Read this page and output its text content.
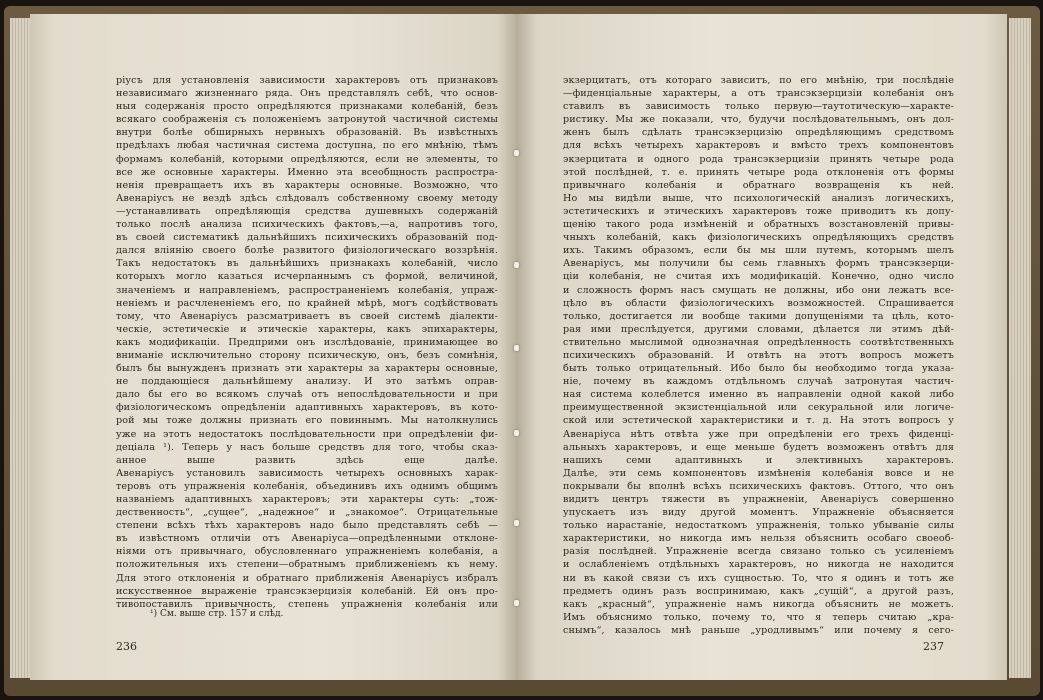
ріусъ для установленія зависимости характеровъ отъ признаковъ
независимаго жизненнаго ряда. Онъ представлялъ себѣ, что основ-
ныя содержанія просто опредѣляются признаками колебаній, безъ
всякаго соображенія съ положеніемъ затронутой частичной системы
внутри болѣе обширныхъ нервныхъ образованій. Въ извѣстныхъ
предѣлахъ любая частичная система доступна, по его мнѣнію, тѣмъ
формамъ колебаній, которыми опредѣляются, если не элементы, то
все же основные характеры. Именно эта всеобщность распростра-
ненія превращаетъ ихъ въ характеры основные. Возможно, что
Авенаріусъ не вездѣ здѣсь слѣдовалъ собственному своему методу
—устанавливать опредѣляющія средства душевныхъ содержаній
только послѣ анализа психическихъ фактовъ,—а, напротивъ того,
въ своей систематикѣ дальнѣйшихъ психическихъ образованій под-
дался вліянію своего болѣе развитого физіологическаго воззрѣнія.
Такъ недостатокъ въ дальнѣйшихъ признакахъ колебаній, число
которыхъ могло казаться исчерпаннымъ съ формой, величиной,
значеніемъ и направленіемъ, распространеніемъ колебанія, упраж-
неніемъ и расчлененіемъ его, по крайней мѣрѣ, могъ содѣйствовать
тому, что Авенаріусъ разсматриваетъ въ своей системѣ діалекти-
ческіе, эстетическіе и этическіе характеры, какъ эпихарактеры,
какъ модификаціи. Предприми онъ изслѣдованіе, принимающее во
вниманіе исключительно сторону психическую, онъ, безъ сомнѣнія,
былъ бы вынужденъ признать эти характеры за характеры основные,
не поддающіеся дальнѣйшему анализу. И это затѣмъ оправ-
дало бы его во всякомъ случаѣ отъ непослѣдовательности и при
физіологическомъ опредѣленіи адаптивныхъ характеровъ, въ кото-
рой мы тоже должны признать его повиннымъ. Мы натолкнулись
уже на этотъ недостатокъ послѣдовательности при опредѣленіи фи-
деціала ¹). Теперь у насъ больше средствъ для того, чтобы сказ-
анное выше развить здѣсь еще далѣе.
Авенаріусъ установилъ зависимость четырехъ основныхъ харак-
теровъ отъ упражненія колебанія, объединивъ ихъ однимъ общимъ
названіемъ адаптивныхъ характеровъ; эти характеры суть: „тож-
дественность“, „сущее“, „надежное“ и „знакомое“. Отрицательные
степени всѣхъ тѣхъ характеровъ надо было представлять себѣ —
въ извѣстномъ отличіи отъ Авенаріуса—опредѣленными отклоне-
ніями отъ привычнаго, обусловленнаго упражненіемъ колебанія, а
положительныя ихъ степени—обратнымъ приближеніемъ къ нему.
Для этого отклоненія и обратнаго приближенія Авенаріусъ избралъ
искусственное выраженіе трансэкзерцизія колебаній. Ей онъ про-
тивопоставилъ привычность, степень упражненія колебанія или
¹) См. выше стр. 157 и слѣд.
236
экзерцитатъ, отъ котораго зависитъ, по его мнѣнію, три послѣдніе
—фиденціальные характеры, а отъ трансэкзерцизіи колебанія онъ
ставилъ въ зависимость только первую—таутотическую—характе-
ристику. Мы же показали, что, будучи послѣдовательнымъ, онъ дол-
женъ былъ сдѣлать трансэкзерцизію опредѣляющимъ средствомъ
для всѣхъ четырехъ характеровъ и вмѣсто трехъ компонентовъ
экзерцитата и одного рода трансэкзерцизіи принять четыре рода
этой послѣдней, т. е. принять четыре рода отклоненія отъ формы
привычнаго колебанія и обратнаго возвращенія къ ней.
Но мы видѣли выше, что психологическій анализъ логическихъ,
эстетическихъ и этическихъ характеровъ тоже приводитъ къ допу-
щенію такого рода измѣненій и обратныхъ возстановленій привы-
чныхъ колебаній, какъ физіологическихъ опредѣляющихъ средствъ
ихъ. Такимъ образомъ, если бы мы шли путемъ, которымъ шелъ
Авенаріусъ, мы получили бы семь главныхъ формъ трансэкзерци-
ціи колебанія, не считая ихъ модификацій. Конечно, одно число
и сложность формъ насъ смущать не должны, ибо они лежатъ все-
цѣло въ области физіологическихъ возможностей. Спрашивается
только, достигается ли вообще такими допущеніями та цѣль, кото-
рая ими преслѣдуется, другими словами, дѣлается ли этимъ дѣй-
ствительно мыслимой однозначная опредѣленность соотвѣтственныхъ
психическихъ образованій. И отвѣтъ на этотъ вопросъ можетъ
быть только отрицательный. Ибо было бы необходимо тогда указа-
ніе, почему въ каждомъ отдѣльномъ случаѣ затронутая частич-
ная система колеблется именно въ направленіи одной какой либо
преимущественной экзистенціальной или секуральной или логиче-
ской или эстетической характеристики и т. д. На этотъ вопросъ у
Авенаріуса нѣтъ отвѣта уже при опредѣленіи его трехъ фиденці-
альныхъ характеровъ, и еще меньше будетъ возможенъ отвѣтъ для
нашихъ семи адаптивныхъ и элективныхъ характеровъ.
Далѣе, эти семь компонентовъ измѣненія колебанія вовсе и не
покрывали бы вполнѣ всѣхъ психическихъ фактовъ. Оттого, что онъ
видитъ центръ тяжести въ упражненіи, Авенаріусъ совершенно
упускаетъ изъ виду другой моментъ. Упражненіе объясняется
только нарастаніе, недостаткомъ упражненія, только убываніе силы
характеристики, но никогда имъ нельзя объяснить особаго своеоб-
разія послѣдней. Упражненіе всегда связано только съ усиленіемъ
и ослабленіемъ отдѣльныхъ характеровъ, но никогда не находится
ни въ какой связи съ ихъ сущностью. То, что я одинъ и тотъ же
предметъ одинъ разъ воспринимаю, какъ „сущій“, а другой разъ,
какъ „красный“, упражненіе намъ никогда объяснить не можетъ.
Имъ объяснимо только, почему то, что я теперь считаю „кра-
снымъ“, казалось мнѣ раньше „уродливымъ“ или почему я сего-
237
